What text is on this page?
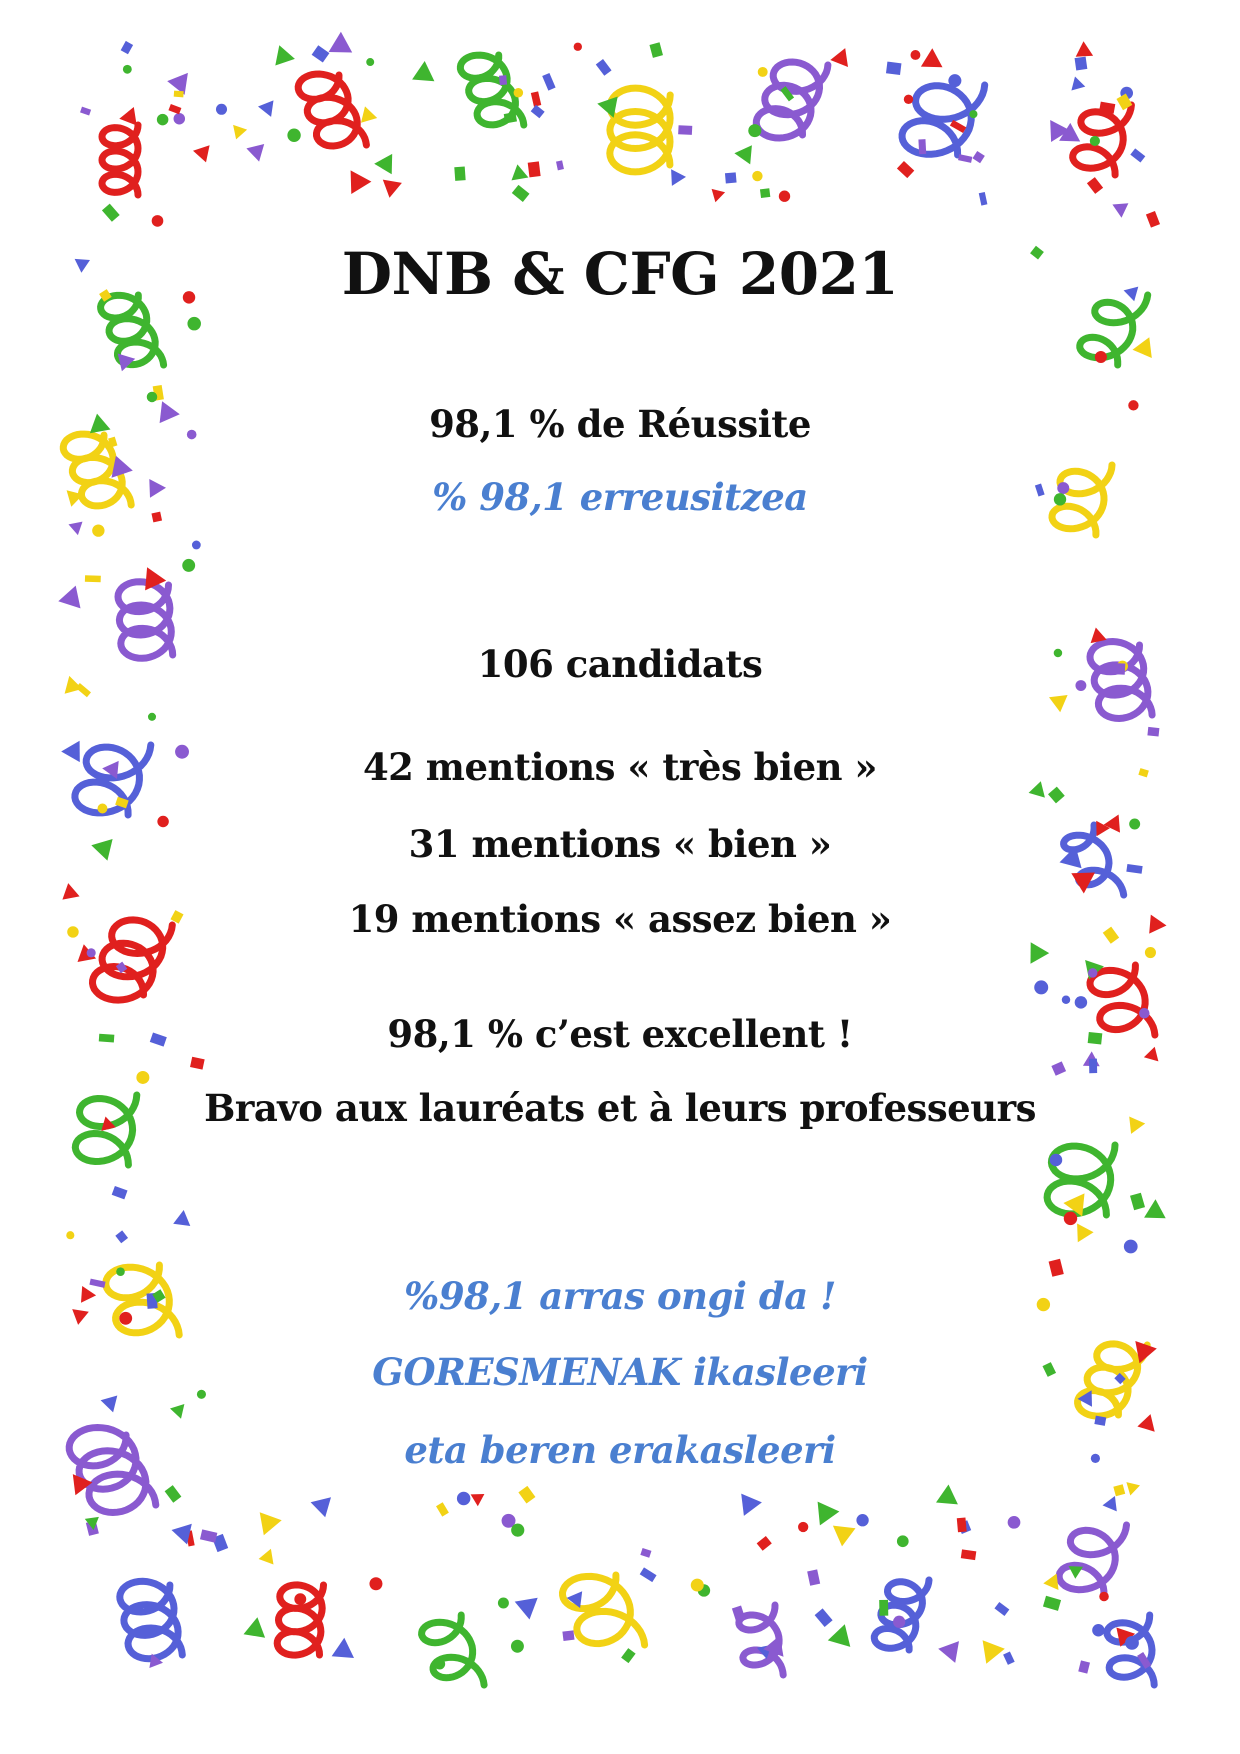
DNB & CFG 2021
98,1 % de Réussite
% 98,1 erreusitzea
106 candidats
42 mentions « très bien »
31 mentions « bien »
19 mentions « assez bien »
98,1 % c’est excellent !
Bravo aux lauréats et à leurs professeurs
%98,1 arras ongi da !
GORESMENAK ikasleeri
eta beren erakasleeri
